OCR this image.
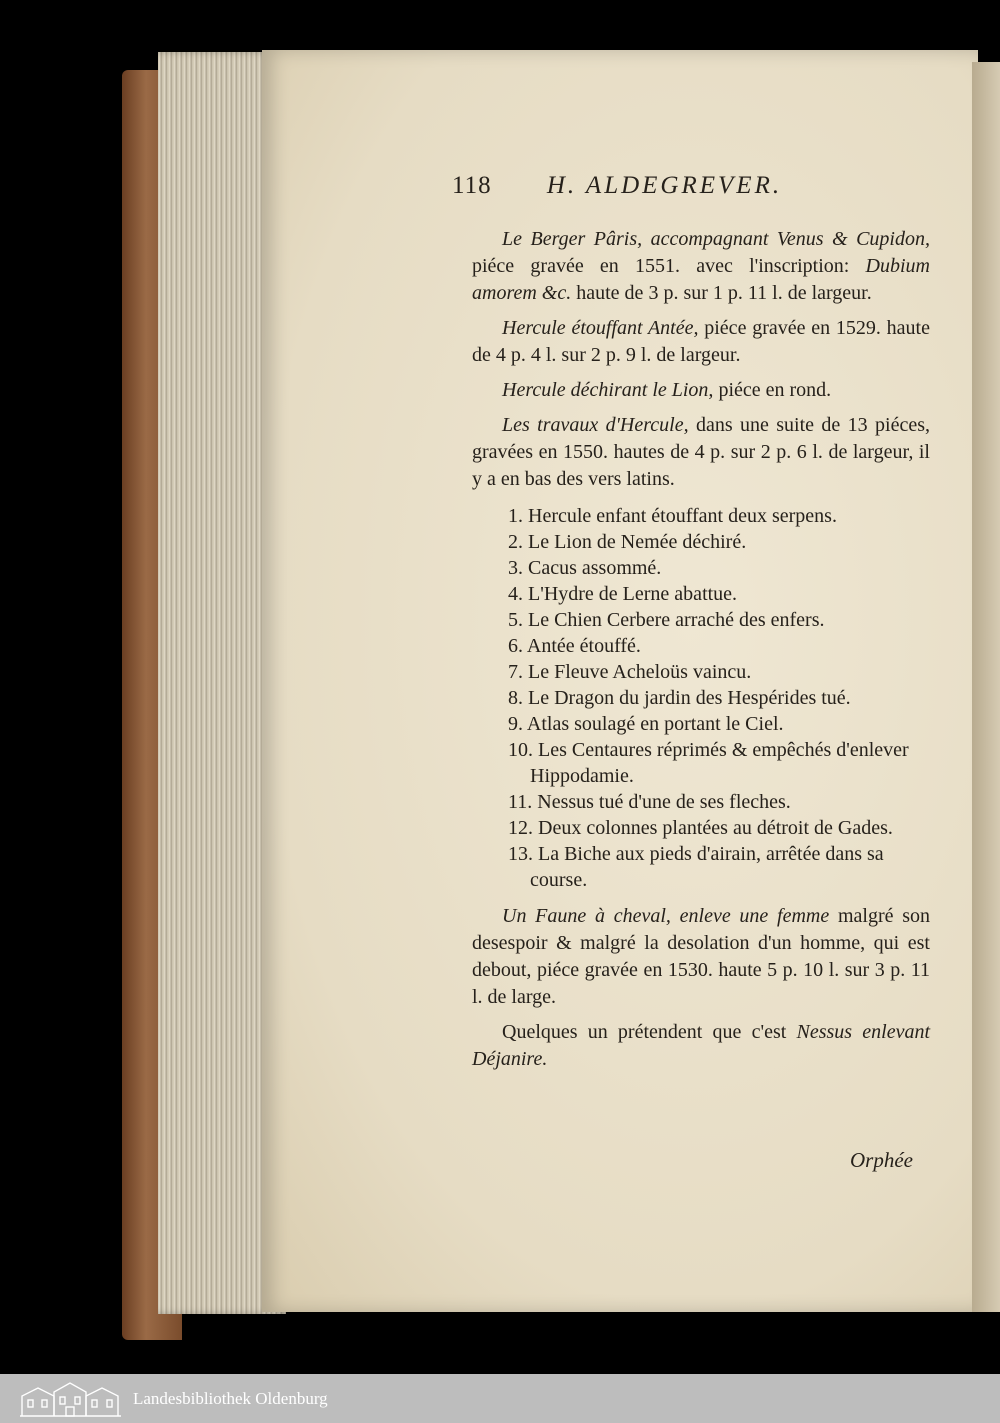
118 H. ALDEGREVER.

Le Berger Pâris, accompagnant Venus & Cupidon, piéce gravée en 1551. avec l'inscription: Dubium amorem &c. haute de 3 p. sur 1 p. 11 l. de largeur.

Hercule étouffant Antée, piéce gravée en 1529. haute de 4 p. 4 l. sur 2 p. 9 l. de largeur.

Hercule déchirant le Lion, piéce en rond.

Les travaux d'Hercule, dans une suite de 13 piéces, gravées en 1550. hautes de 4 p. sur 2 p. 6 l. de largeur, il y a en bas des vers latins.

1. Hercule enfant étouffant deux serpens.
2. Le Lion de Nemée déchiré.
3. Cacus assommé.
4. L'Hydre de Lerne abattue.
5. Le Chien Cerbere arraché des enfers.
6. Antée étouffé.
7. Le Fleuve Acheloüs vaincu.
8. Le Dragon du jardin des Hespérides tué.
9. Atlas soulagé en portant le Ciel.
10. Les Centaures réprimés & empêchés d'enlever Hippodamie.
11. Nessus tué d'une de ses fleches.
12. Deux colonnes plantées au détroit de Gades.
13. La Biche aux pieds d'airain, arrêtée dans sa course.

Un Faune à cheval, enleve une femme malgré son desespoir & malgré la desolation d'un homme, qui est debout, piéce gravée en 1530. haute 5 p. 10 l. sur 3 p. 11 l. de large.

Quelques un prétendent que c'est Nessus enlevant Déjanire.

Orphée
Landesbibliothek Oldenburg
